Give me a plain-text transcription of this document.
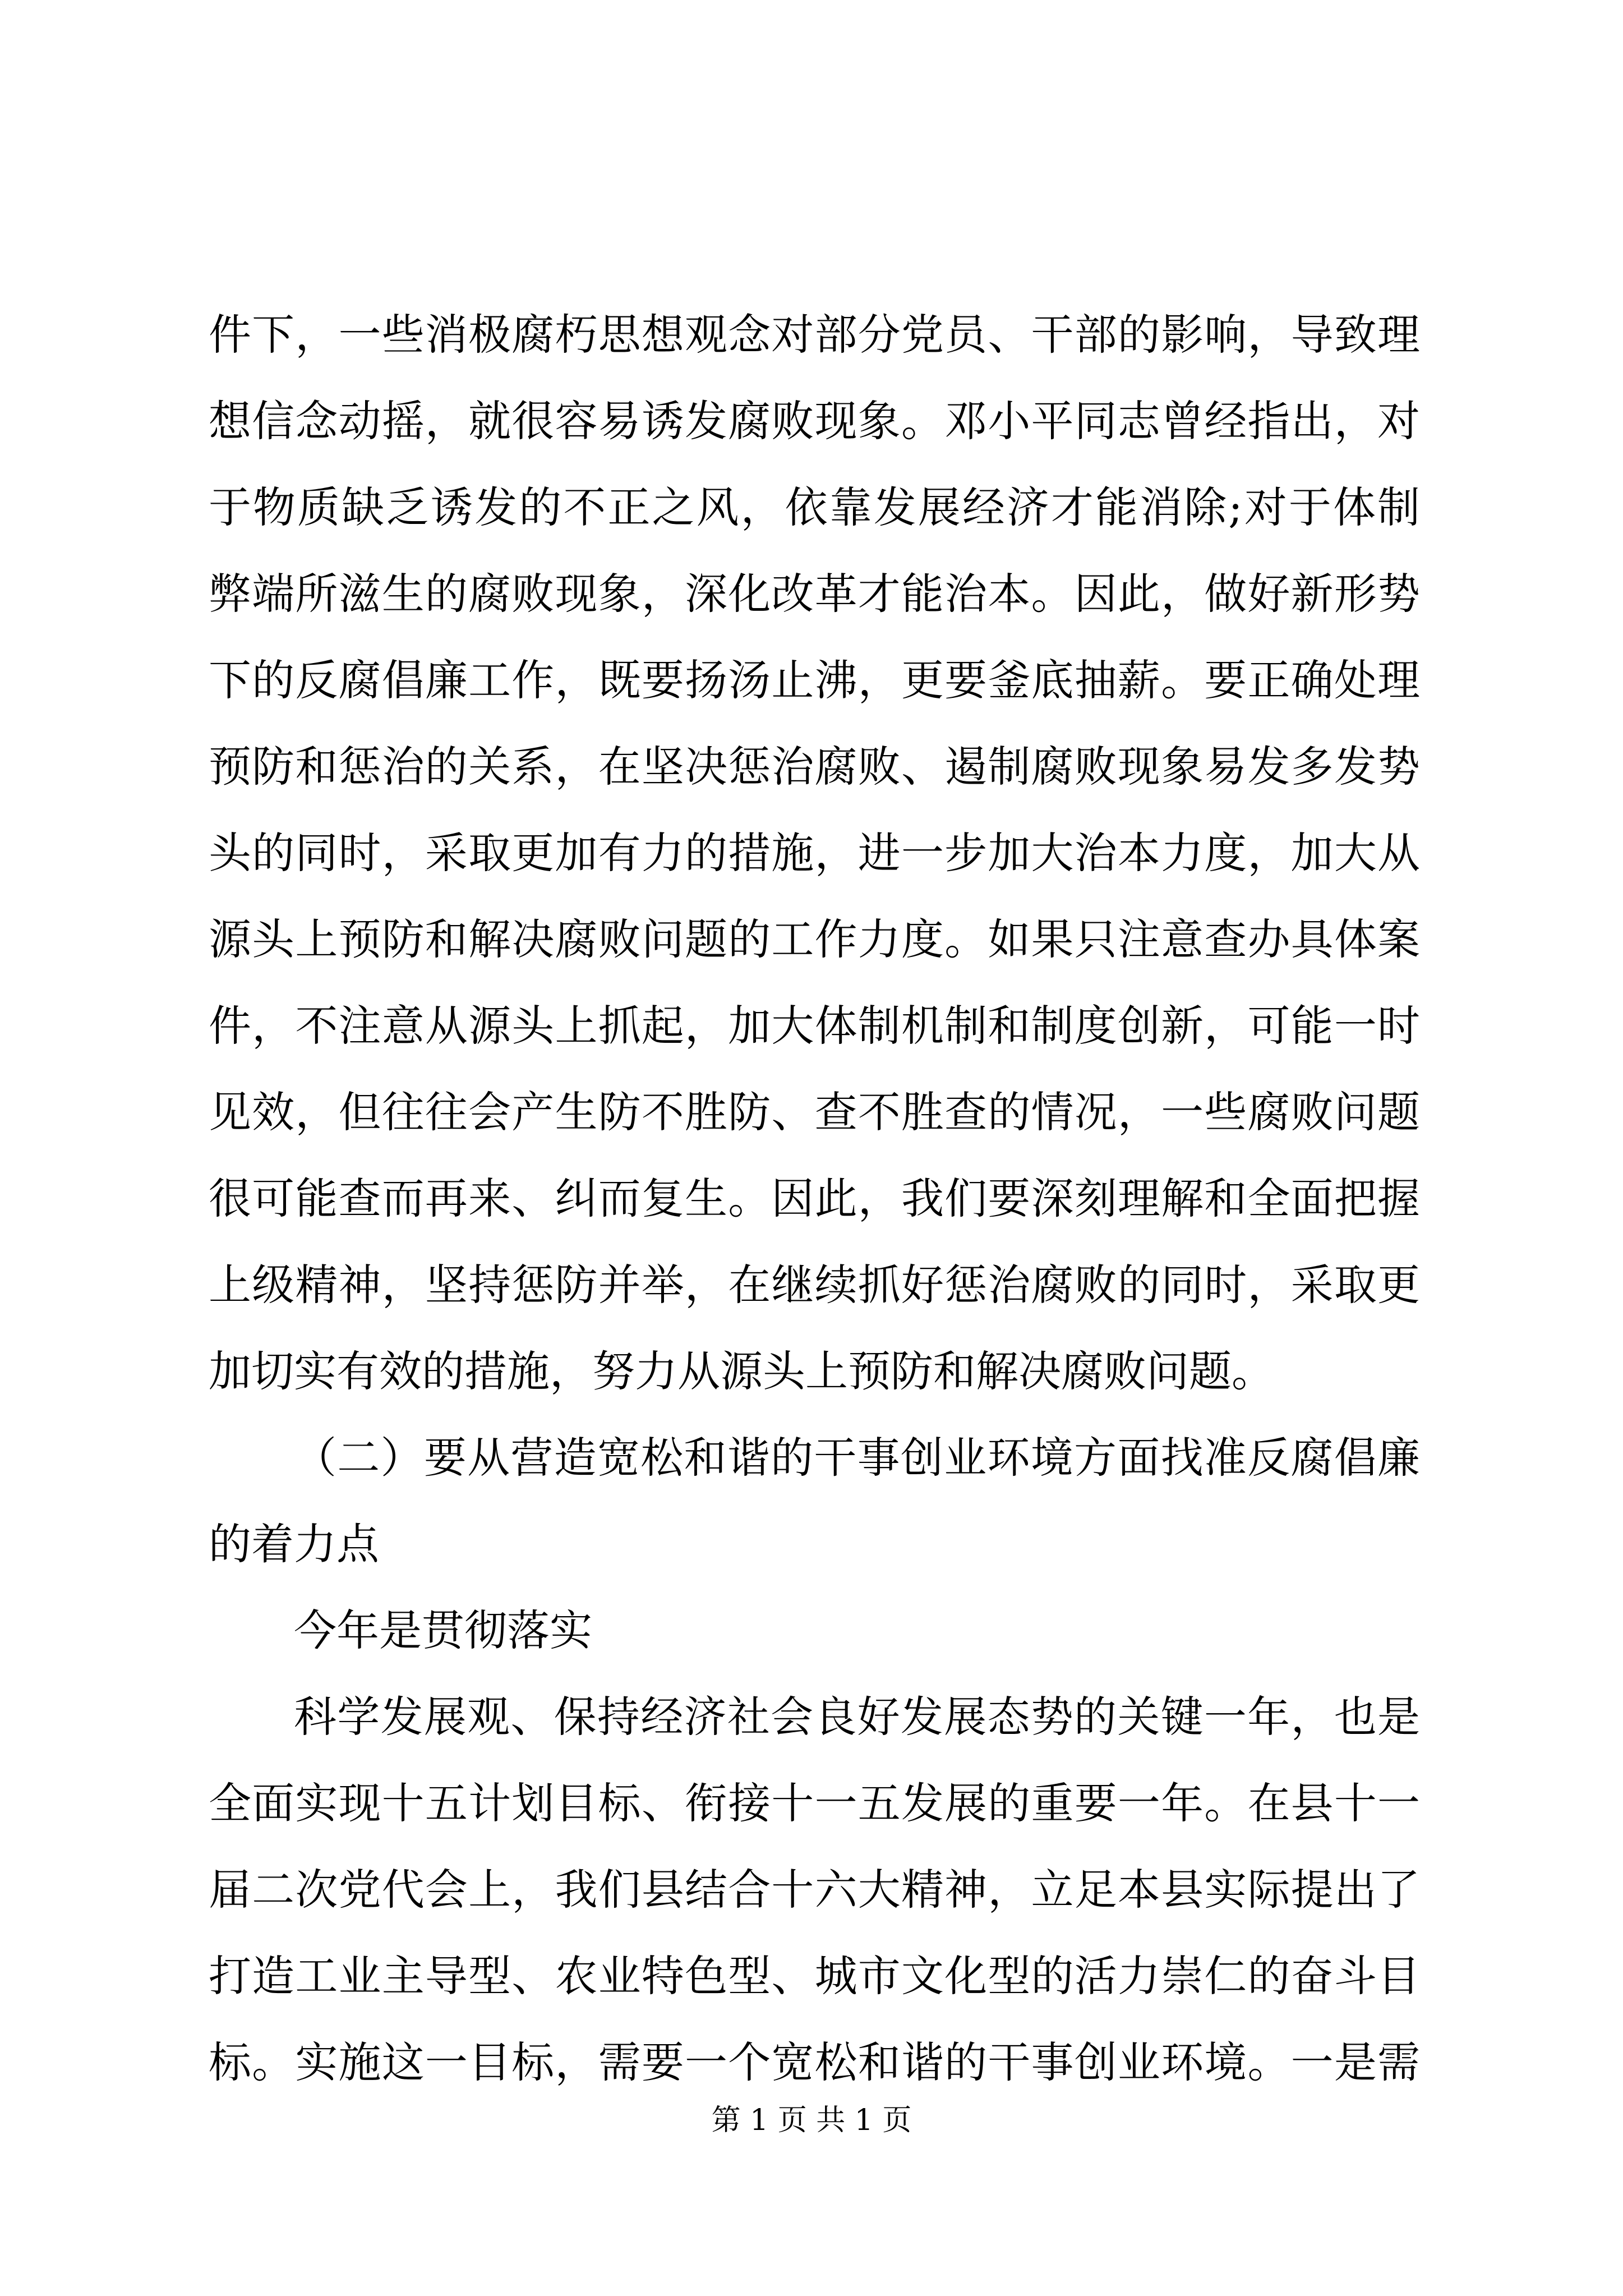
件下，一些消极腐朽思想观念对部分党员、干部的影响，导致理
想信念动摇，就很容易诱发腐败现象。邓小平同志曾经指出，对
于物质缺乏诱发的不正之风，依靠发展经济才能消除;对于体制
弊端所滋生的腐败现象，深化改革才能治本。因此，做好新形势
下的反腐倡廉工作，既要扬汤止沸，更要釜底抽薪。要正确处理
预防和惩治的关系，在坚决惩治腐败、遏制腐败现象易发多发势
头的同时，采取更加有力的措施，进一步加大治本力度，加大从
源头上预防和解决腐败问题的工作力度。如果只注意查办具体案
件，不注意从源头上抓起，加大体制机制和制度创新，可能一时
见效，但往往会产生防不胜防、查不胜查的情况，一些腐败问题
很可能查而再来、纠而复生。因此，我们要深刻理解和全面把握
上级精神，坚持惩防并举，在继续抓好惩治腐败的同时，采取更
加切实有效的措施，努力从源头上预防和解决腐败问题。
（二）要从营造宽松和谐的干事创业环境方面找准反腐倡廉
的着力点
今年是贯彻落实
科学发展观、保持经济社会良好发展态势的关键一年，也是
全面实现十五计划目标、衔接十一五发展的重要一年。在县十一
届二次党代会上，我们县结合十六大精神，立足本县实际提出了
打造工业主导型、农业特色型、城市文化型的活力崇仁的奋斗目
标。实施这一目标，需要一个宽松和谐的干事创业环境。一是需
第 1 页 共 1 页
